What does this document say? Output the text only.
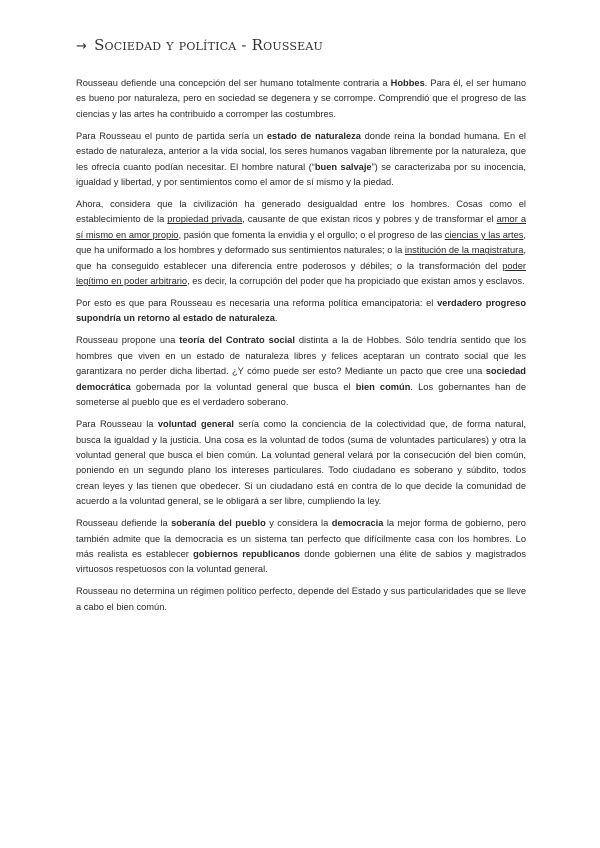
→ Sociedad y política - Rousseau

Rousseau defiende una concepción del ser humano totalmente contraria a Hobbes. Para él, el ser humano es bueno por naturaleza, pero en sociedad se degenera y se corrompe. Comprendió que el progreso de las ciencias y las artes ha contribuido a corromper las costumbres.

Para Rousseau el punto de partida sería un estado de naturaleza donde reina la bondad humana. En el estado de naturaleza, anterior a la vida social, los seres humanos vagaban libremente por la naturaleza, que les ofrecía cuanto podían necesitar. El hombre natural (“buen salvaje”) se caracterizaba por su inocencia, igualdad y libertad, y por sentimientos como el amor de sí mismo y la piedad.

Ahora, considera que la civilización ha generado desigualdad entre los hombres. Cosas como el establecimiento de la propiedad privada, causante de que existan ricos y pobres y de transformar el amor a sí mismo en amor propio, pasión que fomenta la envidia y el orgullo; o el progreso de las ciencias y las artes, que ha uniformado a los hombres y deformado sus sentimientos naturales; o la institución de la magistratura, que ha conseguido establecer una diferencia entre poderosos y débiles; o la transformación del poder legítimo en poder arbitrario, es decir, la corrupción del poder que ha propiciado que existan amos y esclavos.

Por esto es que para Rousseau es necesaria una reforma política emancipatoria: el verdadero progreso supondría un retorno al estado de naturaleza.

Rousseau propone una teoría del Contrato social distinta a la de Hobbes. Sólo tendría sentido que los hombres que viven en un estado de naturaleza libres y felices aceptaran un contrato social que les garantizara no perder dicha libertad. ¿Y cómo puede ser esto? Mediante un pacto que cree una sociedad democrática gobernada por la voluntad general que busca el bien común. Los gobernantes han de someterse al pueblo que es el verdadero soberano.

Para Rousseau la voluntad general sería como la conciencia de la colectividad que, de forma natural, busca la igualdad y la justicia. Una cosa es la voluntad de todos (suma de voluntades particulares) y otra la voluntad general que busca el bien común. La voluntad general velará por la consecución del bien común, poniendo en un segundo plano los intereses particulares. Todo ciudadano es soberano y súbdito, todos crean leyes y las tienen que obedecer. Si un ciudadano está en contra de lo que decide la comunidad de acuerdo a la voluntad general, se le obligará a ser libre, cumpliendo la ley.

Rousseau defiende la soberanía del pueblo y considera la democracia la mejor forma de gobierno, pero también admite que la democracia es un sistema tan perfecto que difícilmente casa con los hombres. Lo más realista es establecer gobiernos republicanos donde gobiernen una élite de sabios y magistrados virtuosos respetuosos con la voluntad general.

Rousseau no determina un régimen político perfecto, depende del Estado y sus particularidades que se lleve a cabo el bien común.
